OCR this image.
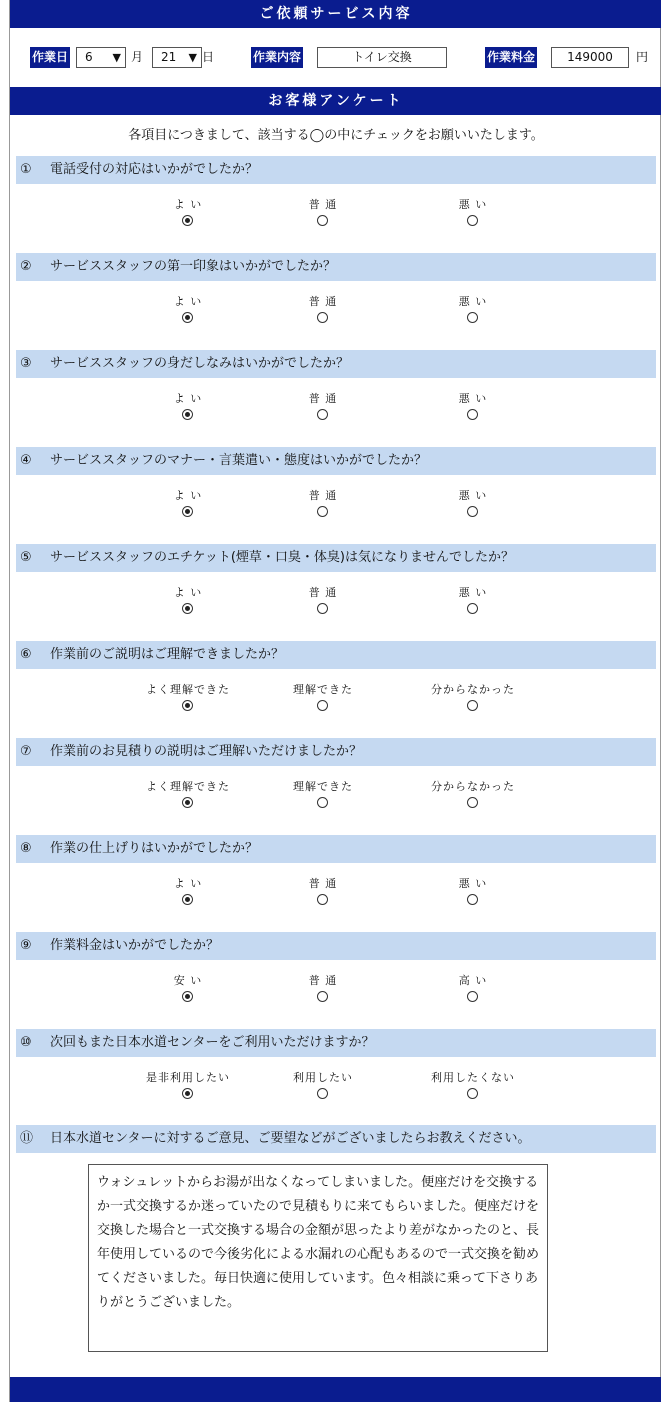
ご依頼サービス内容
作業日	6 ▼ 月	21 ▼ 日	作業内容	トイレ交換	作業料金	149000	円
お客様アンケート
各項目につきまして、該当する◯の中にチェックをお願いいたします。
① 電話受付の対応はいかがでしたか？
よ い	普 通	悪 い
② サービススタッフの第一印象はいかがでしたか？
よ い	普 通	悪 い
③ サービススタッフの身だしなみはいかがでしたか？
よ い	普 通	悪 い
④ サービススタッフのマナー・言葉遣い・態度はいかがでしたか？
よ い	普 通	悪 い
⑤ サービススタッフのエチケット(煙草・口臭・体臭)は気になりませんでしたか？
よ い	普 通	悪 い
⑥ 作業前のご説明はご理解できましたか？
よく理解できた	理解できた	分からなかった
⑦ 作業前のお見積りの説明はご理解いただけましたか？
よく理解できた	理解できた	分からなかった
⑧ 作業の仕上げりはいかがでしたか？
よ い	普 通	悪 い
⑨ 作業料金はいかがでしたか？
安 い	普 通	高 い
⑩ 次回もまた日本水道センターをご利用いただけますか？
是非利用したい	利用したい	利用したくない
⑪ 日本水道センターに対するご意見、ご要望などがございましたらお教えください。
ウォシュレットからお湯が出なくなってしまいました。便座だけを交換するか一式交換するか迷っていたので見積もりに来てもらいました。便座だけを交換した場合と一式交換する場合の金額が思ったより差がなかったのと、長年使用しているので今後劣化による水漏れの心配もあるので一式交換を勧めてくださいました。毎日快適に使用しています。色々相談に乗って下さりありがとうございました。
